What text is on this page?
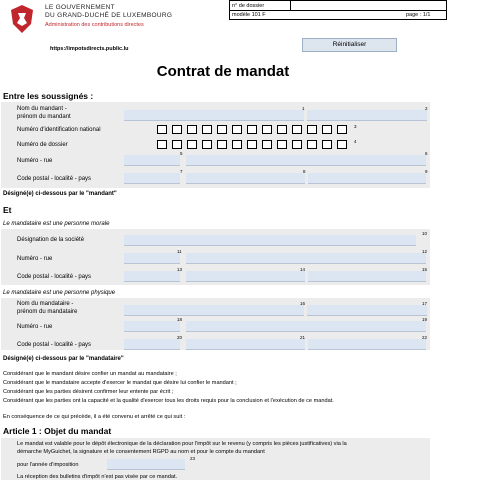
LE GOUVERNEMENT
DU GRAND-DUCHÉ DE LUXEMBOURG
Administration des contributions directes
https://impotsdirects.public.lu
n° de dossier
modèle 101 F	page : 1/1
Réinitialiser
Contrat de mandat
Entre les soussignés :
Nom du mandant -
prénom du mandant
1	2
Numéro d'identification national
3
Numéro de dossier
4
Numéro - rue
5	6
Code postal - localité - pays
7	8	9
Désigné(e) ci-dessous par le "mandant"
Et
Le mandataire est une personne morale
Désignation de la société
10
Numéro - rue
11	12
Code postal - localité - pays
13	14	15
Le mandataire est une personne physique
Nom du mandataire -
prénom du mandataire
16	17
Numéro - rue
18	19
Code postal - localité - pays
20	21	22
Désigné(e) ci-dessous par le "mandataire"
Considérant que le mandant désire confier un mandat au mandataire ;
Considérant que le mandataire accepte d'exercer le mandat que désire lui confier le mandant ;
Considérant que les parties désirent confirmer leur entente par écrit ;
Considérant que les parties ont la capacité et la qualité d'exercer tous les droits requis pour la conclusion et l'exécution de ce mandat.
En conséquence de ce qui précède, il a été convenu et arrêté ce qui suit :
Article 1 : Objet du mandat
Le mandat est valable pour le dépôt électronique de la déclaration pour l'impôt sur le revenu (y compris les pièces justificatives) via la
démarche MyGuichet, la signature et le consentement RGPD au nom et pour le compte du mandant
pour l'année d'imposition
23
La réception des bulletins d'impôt n'est pas visée par ce mandat.
